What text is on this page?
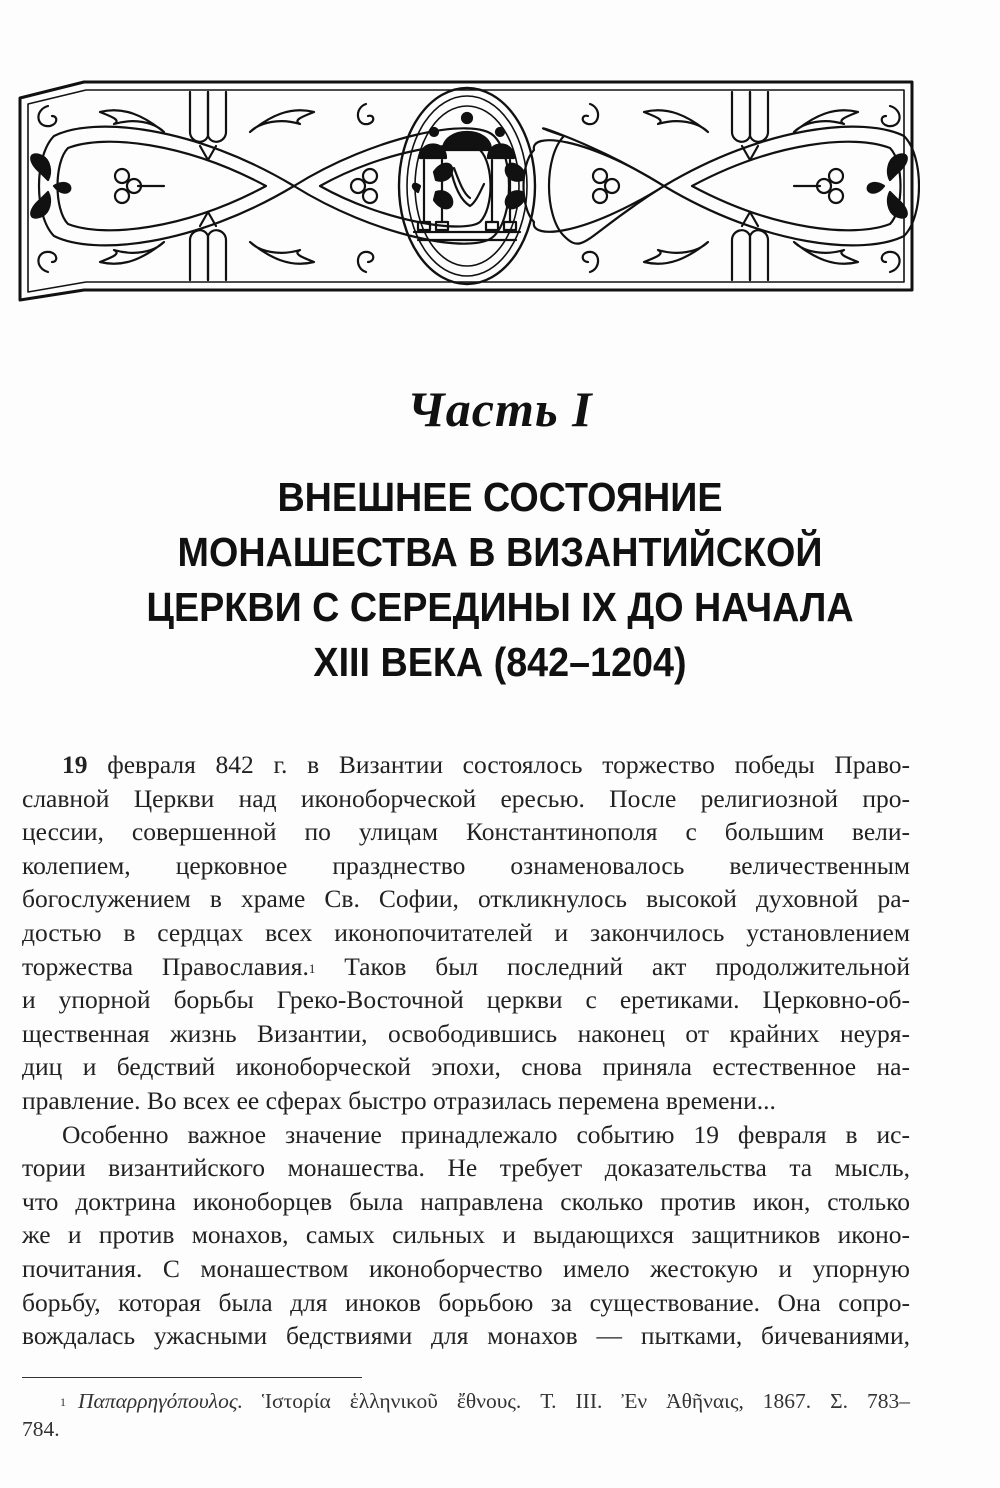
Часть I
ВНЕШНЕЕ СОСТОЯНИЕ
МОНАШЕСТВА В ВИЗАНТИЙСКОЙ
ЦЕРКВИ С СЕРЕДИНЫ IX ДО НАЧАЛА
XIII ВЕКА (842–1204)
19 февраля 842 г. в Византии состоялось торжество победы Право-
славной Церкви над иконоборческой ересью. После религиозной про-
цессии, совершенной по улицам Константинополя с большим вели-
колепием, церковное празднество ознаменовалось величественным
богослужением в храме Св. Софии, откликнулось высокой духовной ра-
достью в сердцах всех иконопочитателей и закончилось установлением
торжества Православия.$^1$ Таков был последний акт продолжительной
и упорной борьбы Греко-Восточной церкви с еретиками. Церковно-об-
щественная жизнь Византии, освободившись наконец от крайних неуря-
диц и бедствий иконоборческой эпохи, снова приняла естественное на-
правление. Во всех ее сферах быстро отразилась перемена времени...
Особенно важное значение принадлежало событию 19 февраля в ис-
тории византийского монашества. Не требует доказательства та мысль,
что доктрина иконоборцев была направлена сколько против икон, столько
же и против монахов, самых сильных и выдающихся защитников иконо-
почитания. С монашеством иконоборчество имело жестокую и упорную
борьбу, которая была для иноков борьбою за существование. Она сопро-
вождалась ужасными бедствиями для монахов — пытками, бичеваниями,
$^1$ Παπαρρηγόπουλος. Ἱστορία ἑλληνικοῦ ἔθνους. Т. III. Ἐν Ἀθῆναις, 1867. Σ. 783–
784.
